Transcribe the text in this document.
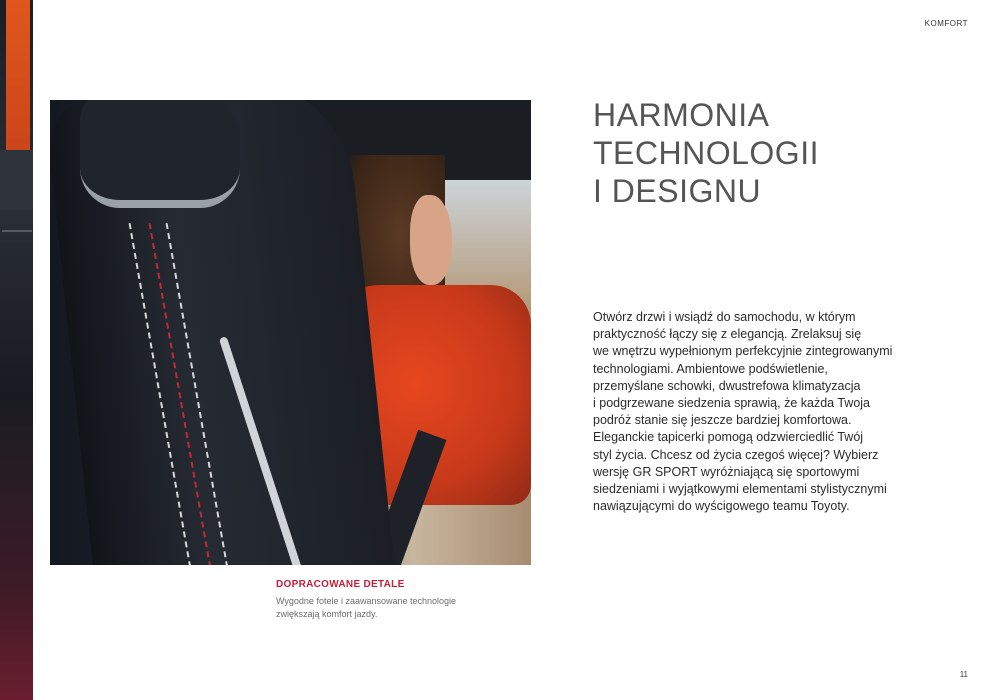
KOMFORT
DOPRACOWANE DETALE
Wygodne fotele i zaawansowane technologie
zwiększają komfort jazdy.
HARMONIA
TECHNOLOGII
I DESIGNU
Otwórz drzwi i wsiądź do samochodu, w którym
praktyczność łączy się z elegancją. Zrelaksuj się
we wnętrzu wypełnionym perfekcyjnie zintegrowanymi
technologiami. Ambientowe podświetlenie,
przemyślane schowki, dwustrefowa klimatyzacja
i podgrzewane siedzenia sprawią, że każda Twoja
podróż stanie się jeszcze bardziej komfortowa.
Eleganckie tapicerki pomogą odzwierciedlić Twój
styl życia. Chcesz od życia czegoś więcej? Wybierz
wersję GR SPORT wyróżniającą się sportowymi
siedzeniami i wyjątkowymi elementami stylistycznymi
nawiązującymi do wyścigowego teamu Toyoty.
11
